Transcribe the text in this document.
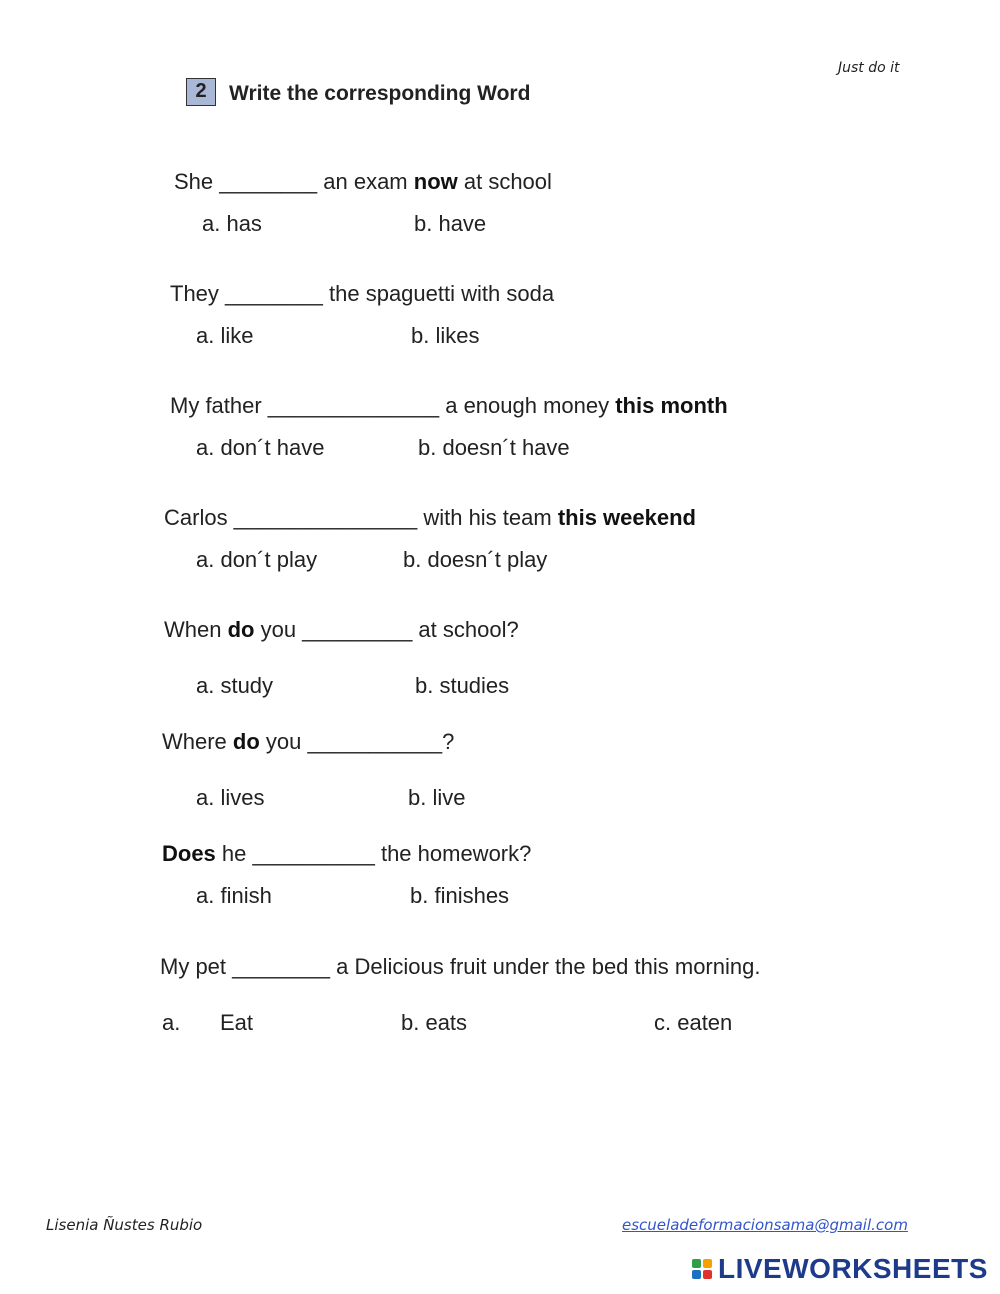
Just do it
2	Write the corresponding Word
She ________ an exam now at school
a. has	b. have
They ________ the spaguetti with soda
a. like	b. likes
My father ______________ a enough money this month
a. don´t have	b. doesn´t have
Carlos _______________ with his team this weekend
a. don´t play	b. doesn´t play
When do you _________ at school?
a. study	b. studies
Where do you ___________?
a. lives	b. live
Does he __________ the homework?
a. finish	b. finishes
My pet ________ a Delicious fruit under the bed this morning.
a. Eat	b. eats	c. eaten
Lisenia Ñustes Rubio	escueladeformacionsama@gmail.com
LIVEWORKSHEETS
